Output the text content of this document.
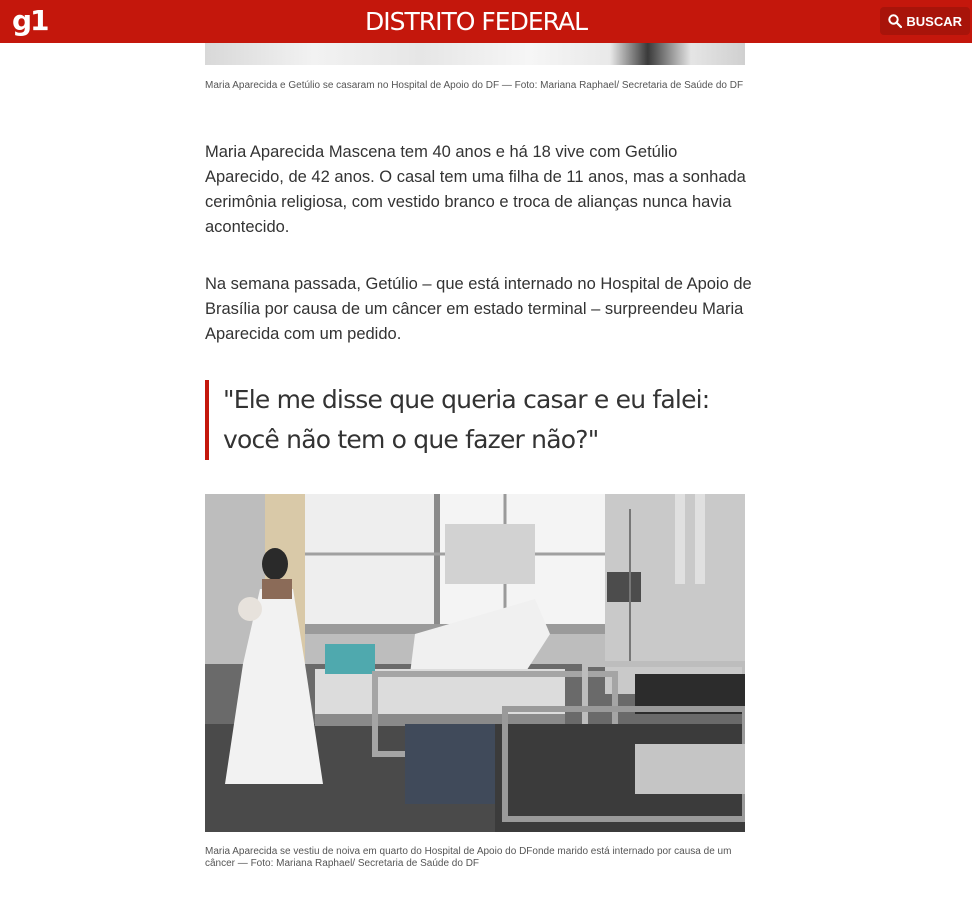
g1	DISTRITO FEDERAL	BUSCAR
Maria Aparecida e Getúlio se casaram no Hospital de Apoio do DF — Foto: Mariana Raphael/ Secretaria de Saúde do DF
Maria Aparecida Mascena tem 40 anos e há 18 vive com Getúlio Aparecido, de 42 anos. O casal tem uma filha de 11 anos, mas a sonhada cerimônia religiosa, com vestido branco e troca de alianças nunca havia acontecido.
Na semana passada, Getúlio – que está internado no Hospital de Apoio de Brasília por causa de um câncer em estado terminal – surpreendeu Maria Aparecida com um pedido.
"Ele me disse que queria casar e eu falei: você não tem o que fazer não?"
Maria Aparecida se vestiu de noiva em quarto do Hospital de Apoio do DFonde marido está internado por causa de um câncer — Foto: Mariana Raphael/ Secretaria de Saúde do DF
